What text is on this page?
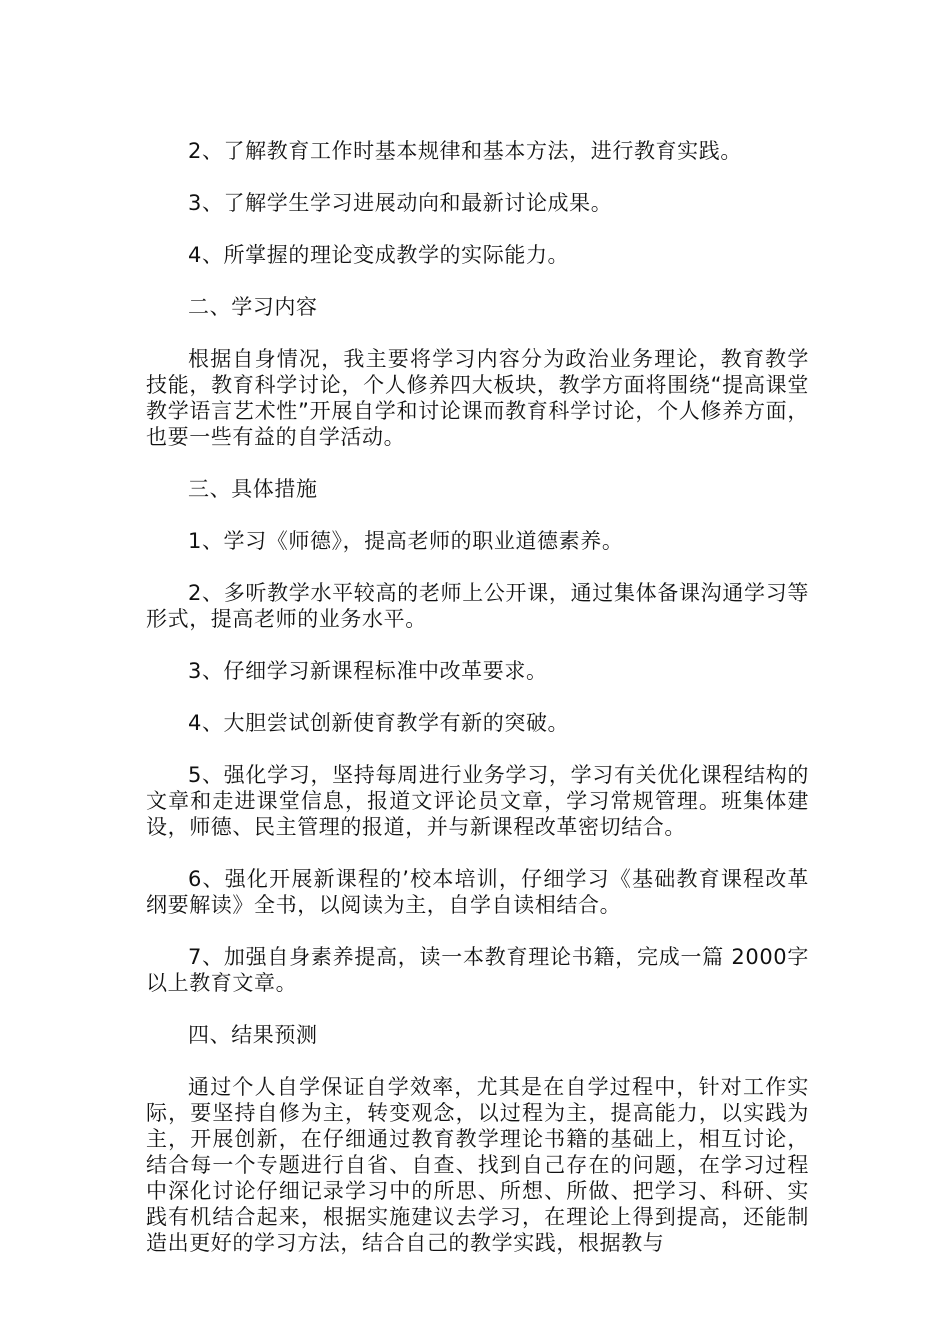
2、了解教育工作时基本规律和基本方法，进行教育实践。

3、了解学生学习进展动向和最新讨论成果。

4、所掌握的理论变成教学的实际能力。

二、学习内容

根据自身情况，我主要将学习内容分为政治业务理论，教育教学技能，教育科学讨论，个人修养四大板块，教学方面将围绕“提高课堂教学语言艺术性”开展自学和讨论课而教育科学讨论，个人修养方面，也要一些有益的自学活动。

三、具体措施

1、学习《师德》，提高老师的职业道德素养。

2、多听教学水平较高的老师上公开课，通过集体备课沟通学习等形式，提高老师的业务水平。

3、仔细学习新课程标准中改革要求。

4、大胆尝试创新使育教学有新的突破。

5、强化学习，坚持每周进行业务学习，学习有关优化课程结构的文章和走进课堂信息，报道文评论员文章，学习常规管理。班集体建设，师德、民主管理的报道，并与新课程改革密切结合。

6、强化开展新课程的’校本培训，仔细学习《基础教育课程改革纲要解读》全书，以阅读为主，自学自读相结合。

7、加强自身素养提高，读一本教育理论书籍，完成一篇 2000字以上教育文章。

四、结果预测

通过个人自学保证自学效率，尤其是在自学过程中，针对工作实际，要坚持自修为主，转变观念，以过程为主，提高能力，以实践为主，开展创新，在仔细通过教育教学理论书籍的基础上，相互讨论，结合每一个专题进行自省、自查、找到自己存在的问题，在学习过程中深化讨论仔细记录学习中的所思、所想、所做、把学习、科研、实践有机结合起来，根据实施建议去学习，在理论上得到提高，还能制造出更好的学习方法，结合自己的教学实践，根据教与
